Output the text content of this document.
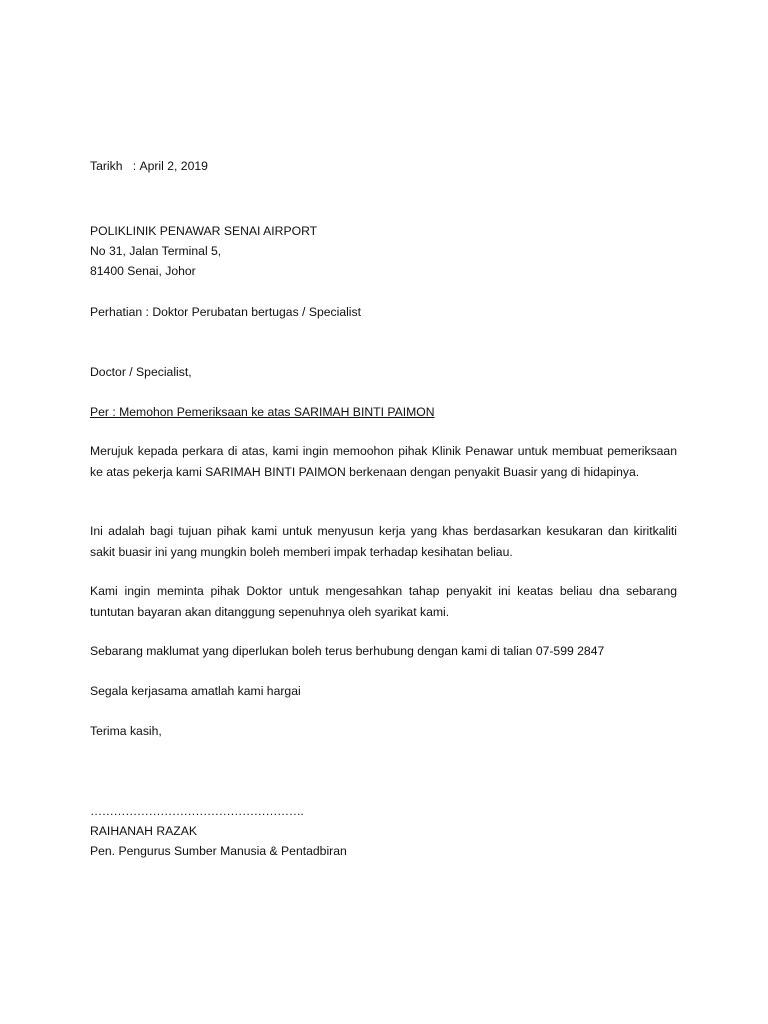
Tarikh : April 2, 2019
POLIKLINIK PENAWAR SENAI AIRPORT
No 31, Jalan Terminal 5,
81400 Senai, Johor
Perhatian : Doktor Perubatan bertugas / Specialist
Doctor / Specialist,
Per : Memohon Pemeriksaan ke atas SARIMAH BINTI PAIMON
Merujuk kepada perkara di atas, kami ingin memoohon pihak Klinik Penawar untuk membuat pemeriksaan ke atas pekerja kami SARIMAH BINTI PAIMON berkenaan dengan penyakit Buasir yang di hidapinya.
Ini adalah bagi tujuan pihak kami untuk menyusun kerja yang khas berdasarkan kesukaran dan kiritkaliti sakit buasir ini yang mungkin boleh memberi impak terhadap kesihatan beliau.
Kami ingin meminta pihak Doktor untuk mengesahkan tahap penyakit ini keatas beliau dna sebarang tuntutan bayaran akan ditanggung sepenuhnya oleh syarikat kami.
Sebarang maklumat yang diperlukan boleh terus berhubung dengan kami di talian 07-599 2847
Segala kerjasama amatlah kami hargai
Terima kasih,
……………………………………………….
RAIHANAH RAZAK
Pen. Pengurus Sumber Manusia & Pentadbiran
